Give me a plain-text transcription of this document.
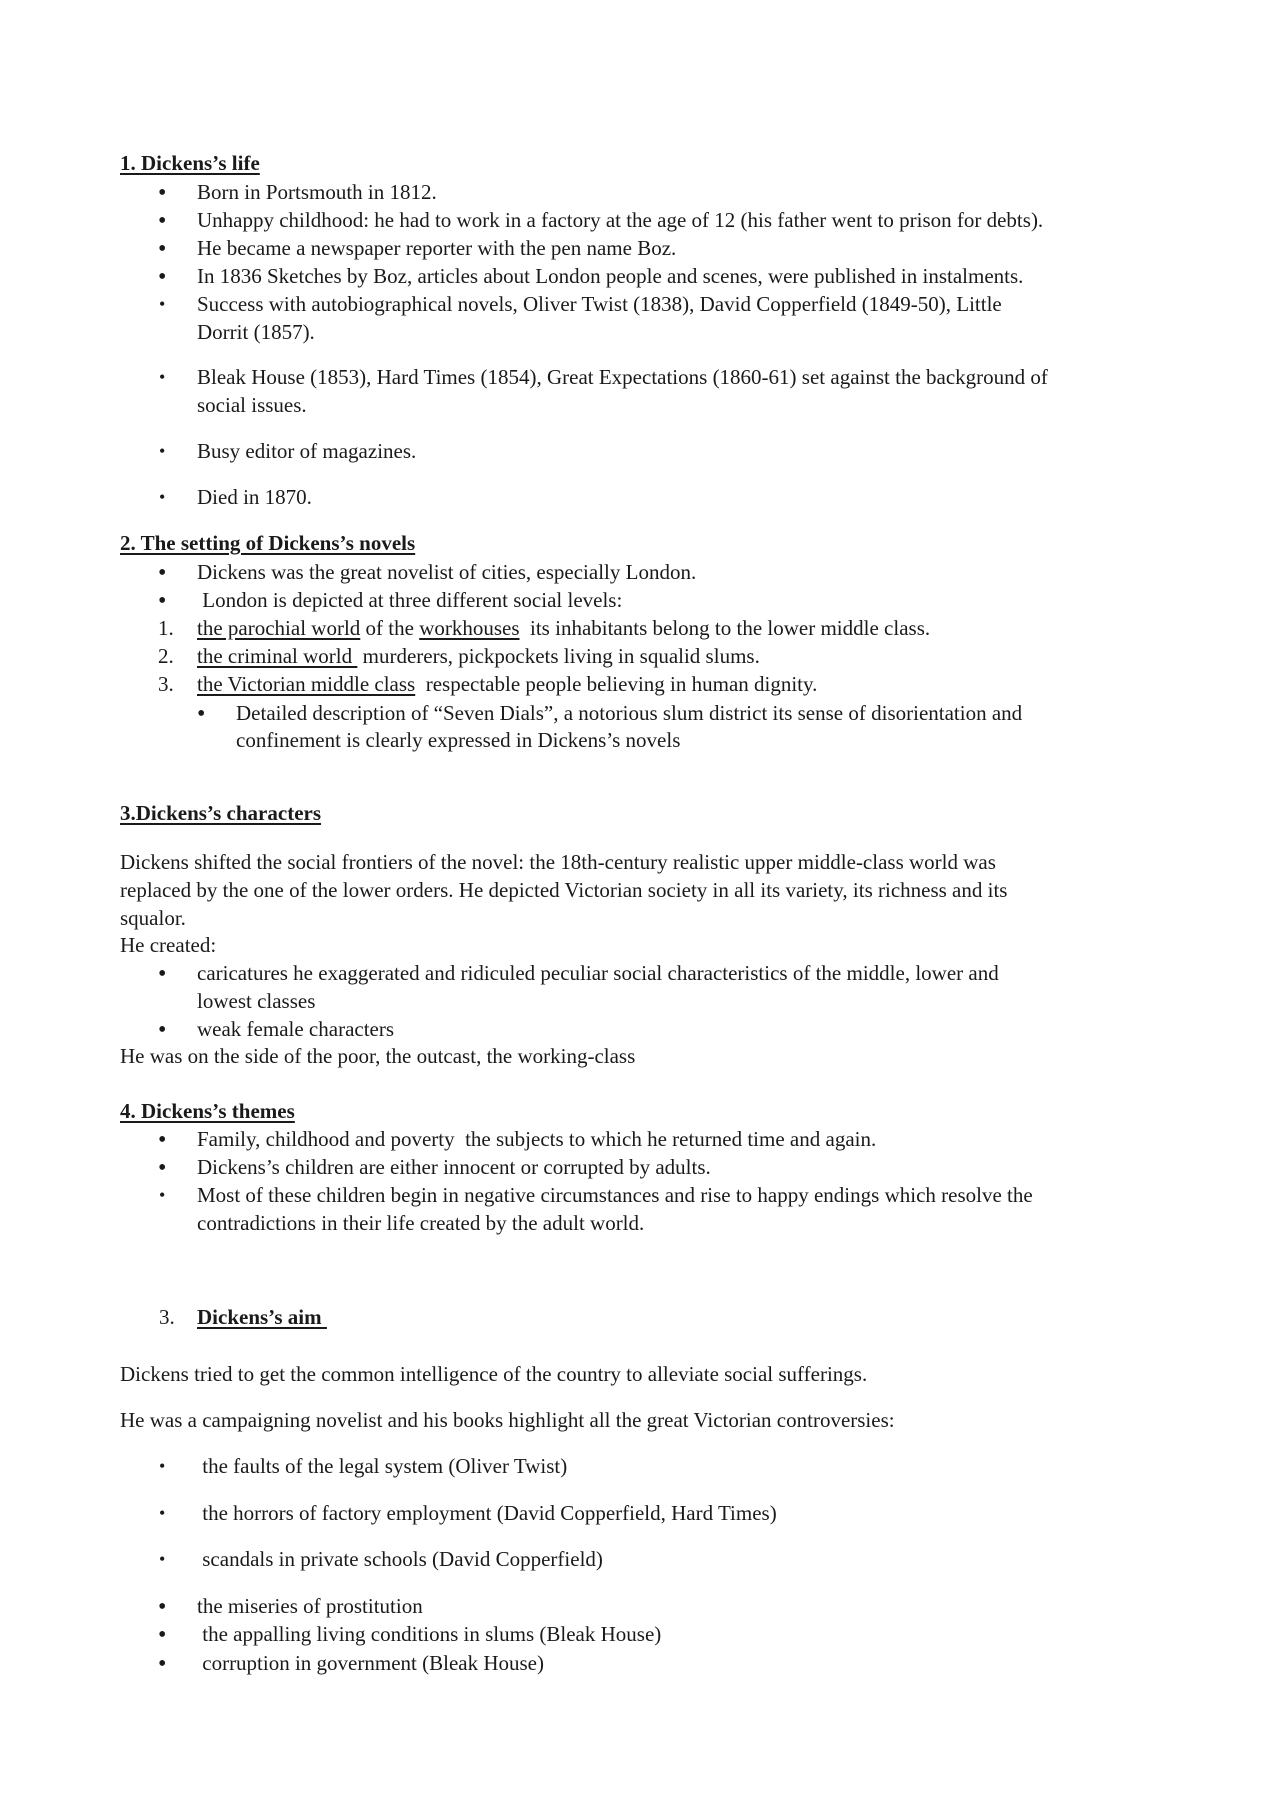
1. Dickens’s life
• Born in Portsmouth in 1812.
• Unhappy childhood: he had to work in a factory at the age of 12 (his father went to prison for debts).
• He became a newspaper reporter with the pen name Boz.
• In 1836 Sketches by Boz, articles about London people and scenes, were published in instalments.
• Success with autobiographical novels, Oliver Twist (1838), David Copperfield (1849-50), Little
Dorrit (1857).
• Bleak House (1853), Hard Times (1854), Great Expectations (1860-61) set against the background of
social issues.
• Busy editor of magazines.
• Died in 1870.
2. The setting of Dickens’s novels
• Dickens was the great novelist of cities, especially London.
• London is depicted at three different social levels:
1. the parochial world of the workhouses  its inhabitants belong to the lower middle class.
2. the criminal world  murderers, pickpockets living in squalid slums.
3. the Victorian middle class  respectable people believing in human dignity.
• Detailed description of “Seven Dials”, a notorious slum district its sense of disorientation and
confinement is clearly expressed in Dickens’s novels
3.Dickens’s characters
Dickens shifted the social frontiers of the novel: the 18th-century realistic upper middle-class world was
replaced by the one of the lower orders. He depicted Victorian society in all its variety, its richness and its
squalor.
He created:
• caricatures he exaggerated and ridiculed peculiar social characteristics of the middle, lower and
lowest classes
• weak female characters
He was on the side of the poor, the outcast, the working-class
4. Dickens’s themes
• Family, childhood and poverty  the subjects to which he returned time and again.
• Dickens’s children are either innocent or corrupted by adults.
• Most of these children begin in negative circumstances and rise to happy endings which resolve the
contradictions in their life created by the adult world.
3. Dickens’s aim
Dickens tried to get the common intelligence of the country to alleviate social sufferings.
He was a campaigning novelist and his books highlight all the great Victorian controversies:
• the faults of the legal system (Oliver Twist)
• the horrors of factory employment (David Copperfield, Hard Times)
• scandals in private schools (David Copperfield)
• the miseries of prostitution
• the appalling living conditions in slums (Bleak House)
• corruption in government (Bleak House)
